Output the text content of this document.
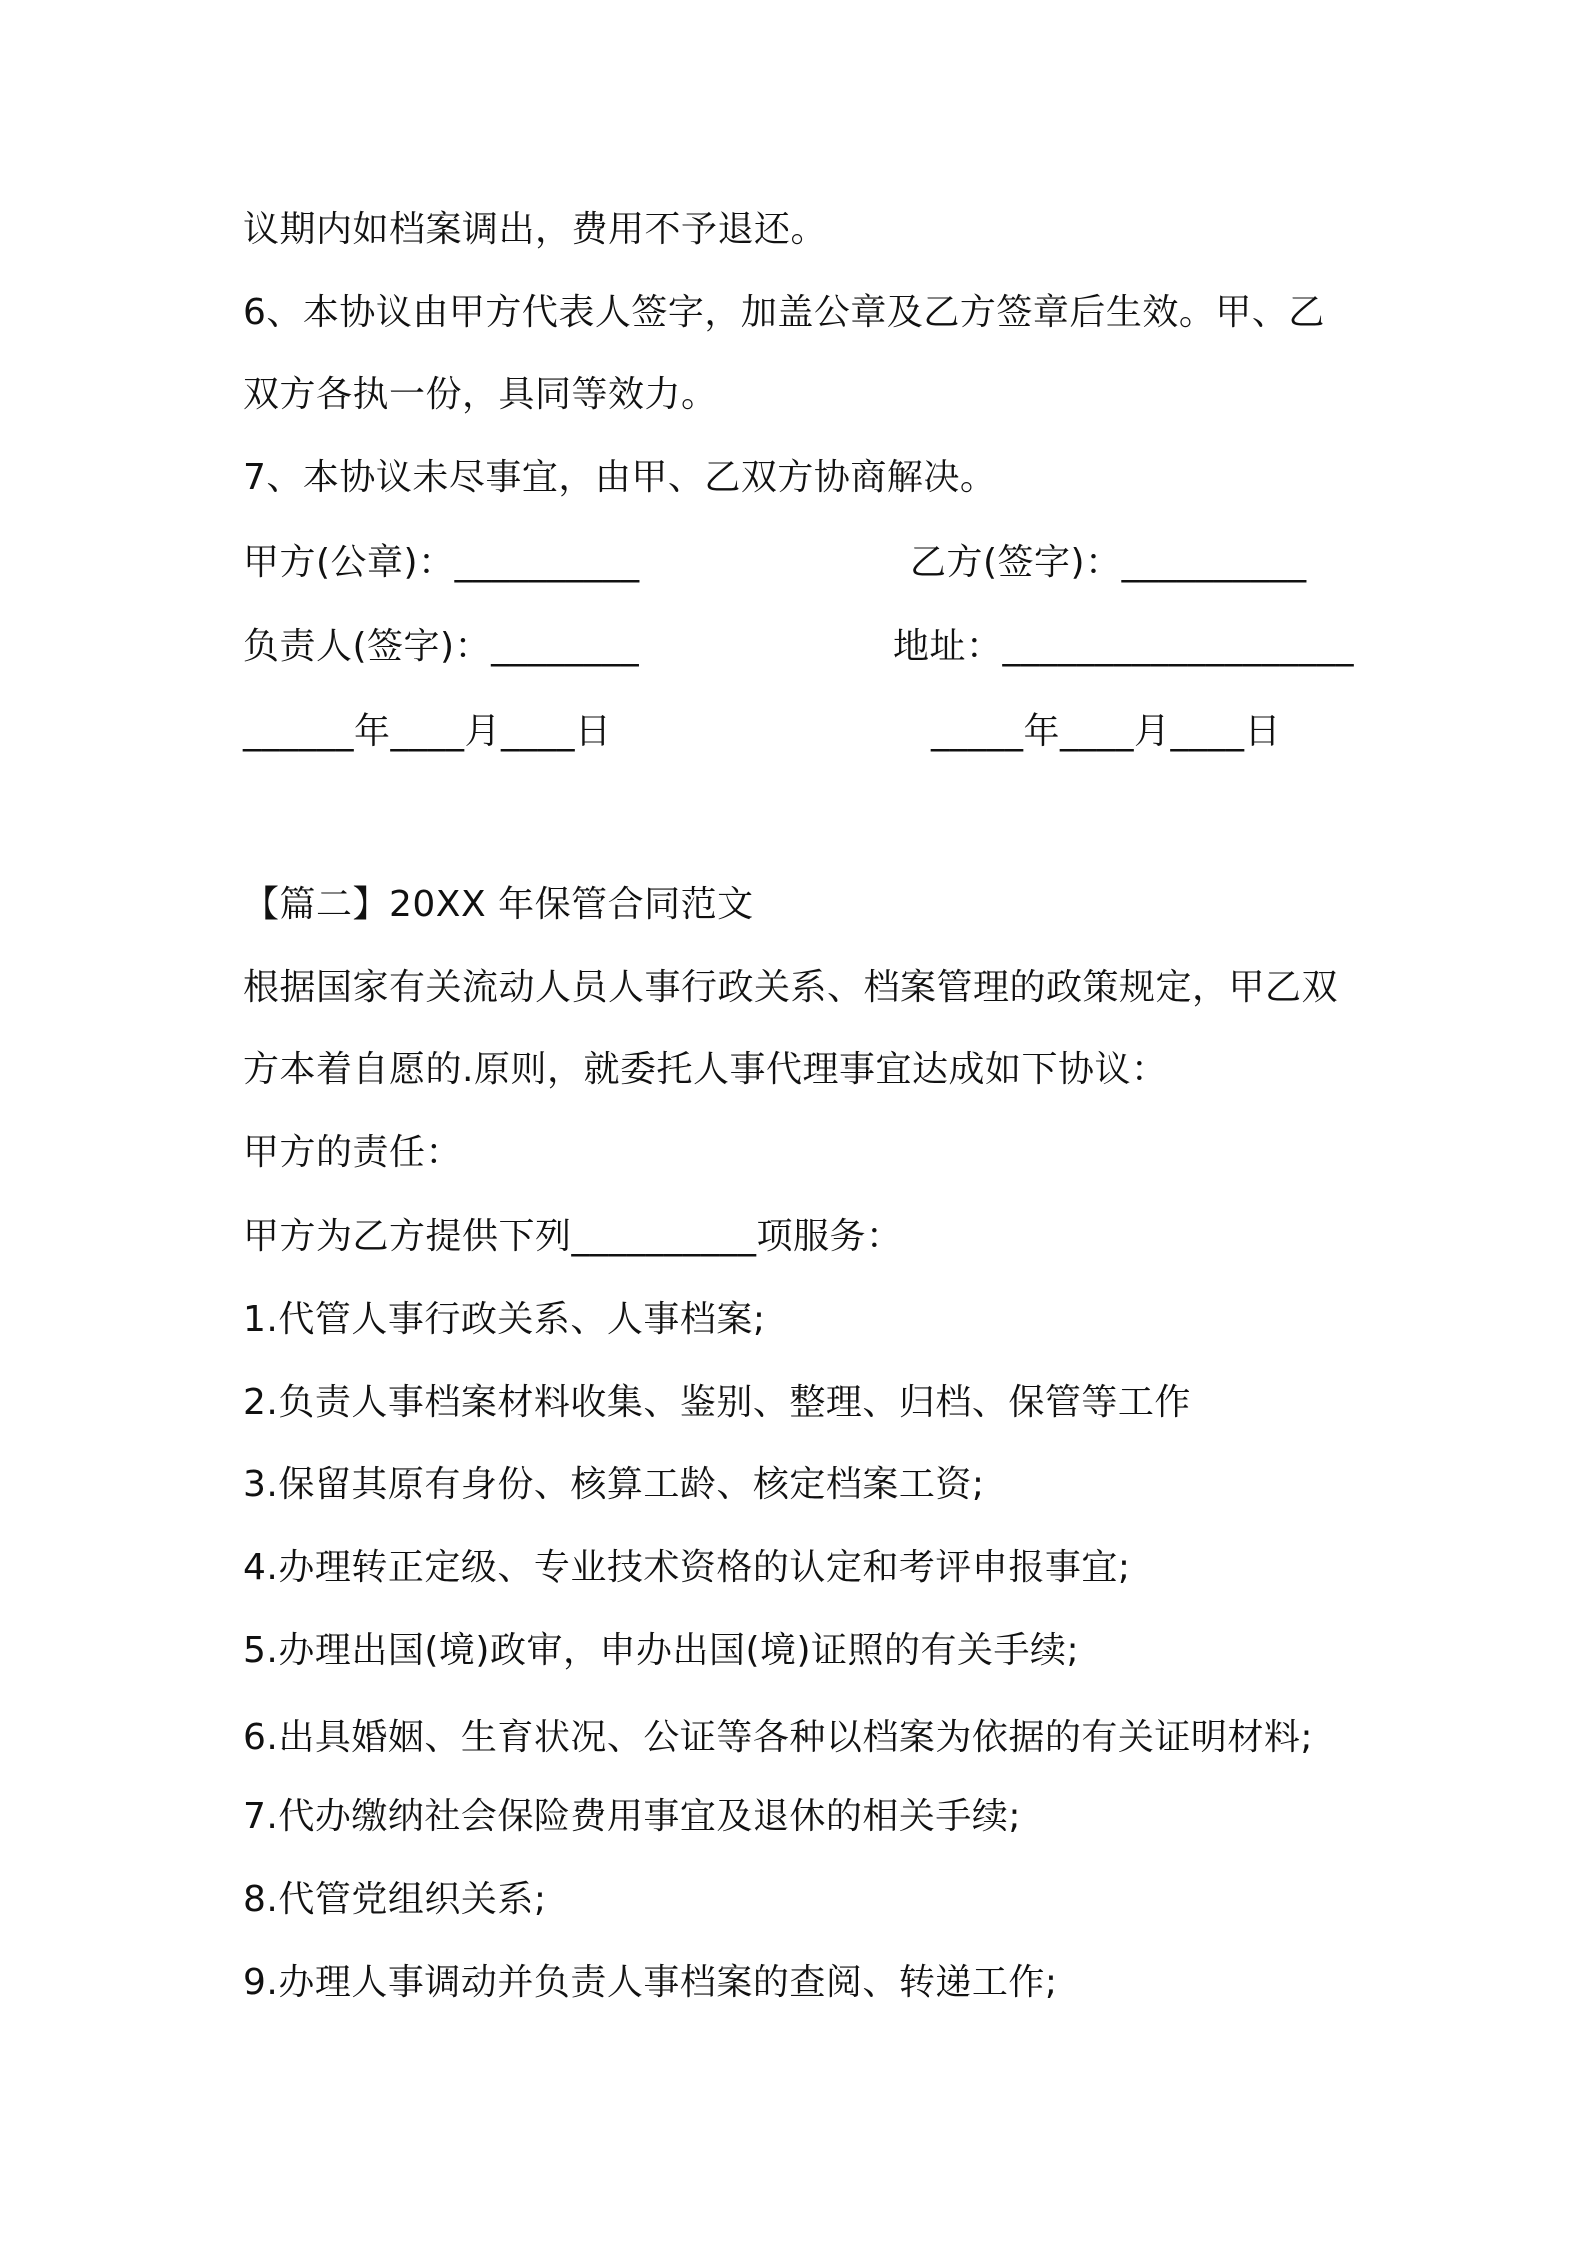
议期内如档案调出，费用不予退还。
6、本协议由甲方代表人签字，加盖公章及乙方签章后生效。甲、乙
双方各执一份，具同等效力。
7、本协议未尽事宜，由甲、乙双方协商解决。
甲方(公章)：__________	乙方(签字)：__________
负责人(签字)：________	地址：___________________
______年____月____日	_____年____月____日
【篇二】20XX 年保管合同范文
根据国家有关流动人员人事行政关系、档案管理的政策规定，甲乙双
方本着自愿的.原则，就委托人事代理事宜达成如下协议：
甲方的责任：
甲方为乙方提供下列__________项服务：
1.代管人事行政关系、人事档案;
2.负责人事档案材料收集、鉴别、整理、归档、保管等工作
3.保留其原有身份、核算工龄、核定档案工资;
4.办理转正定级、专业技术资格的认定和考评申报事宜;
5.办理出国(境)政审，申办出国(境)证照的有关手续;
6.出具婚姻、生育状况、公证等各种以档案为依据的有关证明材料;
7.代办缴纳社会保险费用事宜及退休的相关手续;
8.代管党组织关系;
9.办理人事调动并负责人事档案的查阅、转递工作;
